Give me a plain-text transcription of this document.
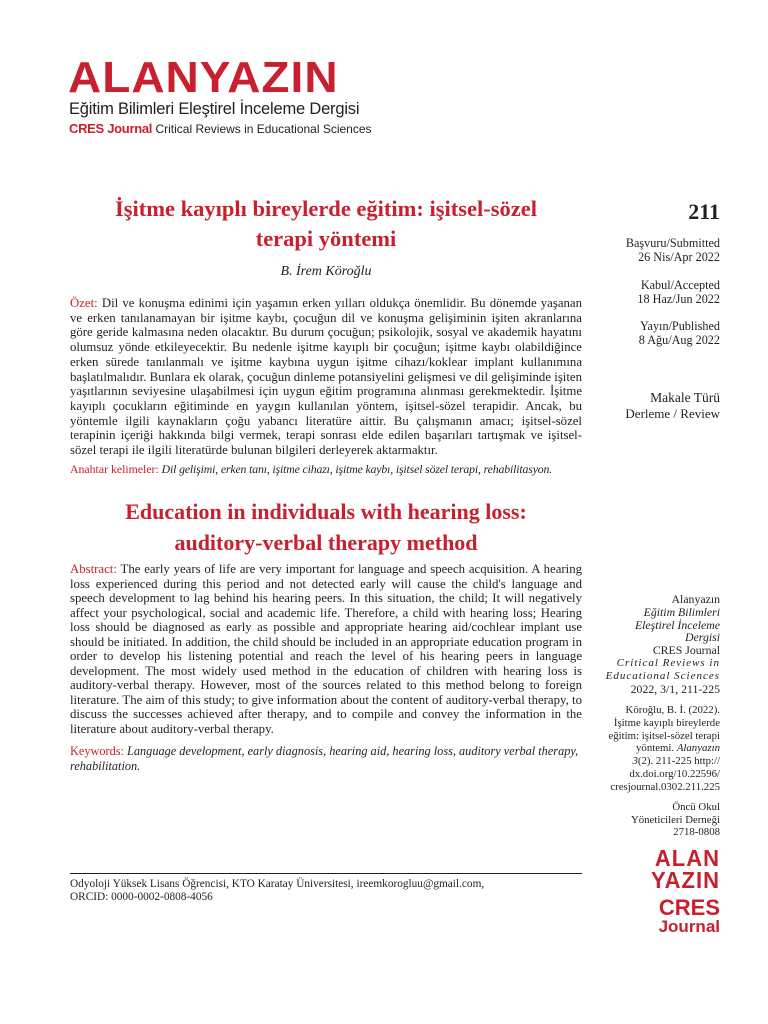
ALANYAZIN
Eğitim Bilimleri Eleştirel İnceleme Dergisi
CRES Journal Critical Reviews in Educational Sciences
İşitme kayıplı bireylerde eğitim: işitsel-sözel
terapi yöntemi
B. İrem Köroğlu
Özet: Dil ve konuşma edinimi için yaşamın erken yılları oldukça önemlidir. Bu dönemde yaşanan ve erken tanılanamayan bir işitme kaybı, çocuğun dil ve konuşma gelişiminin işiten akranlarına göre geride kalmasına neden olacaktır. Bu durum çocuğun; psikolojik, sosyal ve akademik hayatını olumsuz yönde etkileyecektir. Bu nedenle işitme kayıplı bir çocuğun; işitme kaybı olabildiğince erken sürede tanılanmalı ve işitme kaybına uygun işitme cihazı/koklear implant kullanımına başlatılmalıdır. Bunlara ek olarak, çocuğun dinleme potansiyelini gelişmesi ve dil gelişiminde işiten yaşıtlarının seviyesine ulaşabilmesi için uygun eğitim programına alınması gerekmektedir. İşitme kayıplı çocukların eğitiminde en yaygın kullanılan yöntem, işitsel-sözel terapidir. Ancak, bu yöntemle ilgili kaynakların çoğu yabancı literatüre aittir. Bu çalışmanın amacı; işitsel-sözel terapinin içeriği hakkında bilgi vermek, terapi sonrası elde edilen başarıları tartışmak ve işitsel-sözel terapi ile ilgili literatürde bulunan bilgileri derleyerek aktarmaktır.
Anahtar kelimeler: Dil gelişimi, erken tanı, işitme cihazı, işitme kaybı, işitsel sözel terapi, rehabilitasyon.
Education in individuals with hearing loss:
auditory-verbal therapy method
Abstract: The early years of life are very important for language and speech acquisition. A hearing loss experienced during this period and not detected early will cause the child's language and speech development to lag behind his hearing peers. In this situation, the child; It will negatively affect your psychological, social and academic life. Therefore, a child with hearing loss; Hearing loss should be diagnosed as early as possible and appropriate hearing aid/cochlear implant use should be initiated. In addition, the child should be included in an appropriate education program in order to develop his listening potential and reach the level of his hearing peers in language development. The most widely used method in the education of children with hearing loss is auditory-verbal therapy. However, most of the sources related to this method belong to foreign literature. The aim of this study; to give information about the content of auditory-verbal therapy, to discuss the successes achieved after therapy, and to compile and convey the information in the literature about auditory-verbal therapy.
Keywords: Language development, early diagnosis, hearing aid, hearing loss, auditory verbal therapy, rehabilitation.
Odyoloji Yüksek Lisans Öğrencisi, KTO Karatay Üniversitesi, ireemkorogluu@gmail.com,
ORCID: 0000-0002-0808-4056
211
Başvuru/Submitted
26 Nis/Apr 2022
Kabul/Accepted
18 Haz/Jun 2022
Yayın/Published
8 Ağu/Aug 2022
Makale Türü
Derleme / Review
Alanyazın
Eğitim Bilimleri
Eleştirel İnceleme
Dergisi
CRES Journal
Critical Reviews in
Educational Sciences
2022, 3/1, 211-225
Köroğlu, B. İ. (2022).
İşitme kayıplı bireylerde
eğitim: işitsel-sözel terapi
yöntemi. Alanyazın
3(2). 211-225 http://
dx.doi.org/10.22596/
cresjournal.0302.211.225
Öncü Okul
Yöneticileri Derneği
2718-0808
ALAN
YAZIN
CRES
Journal
